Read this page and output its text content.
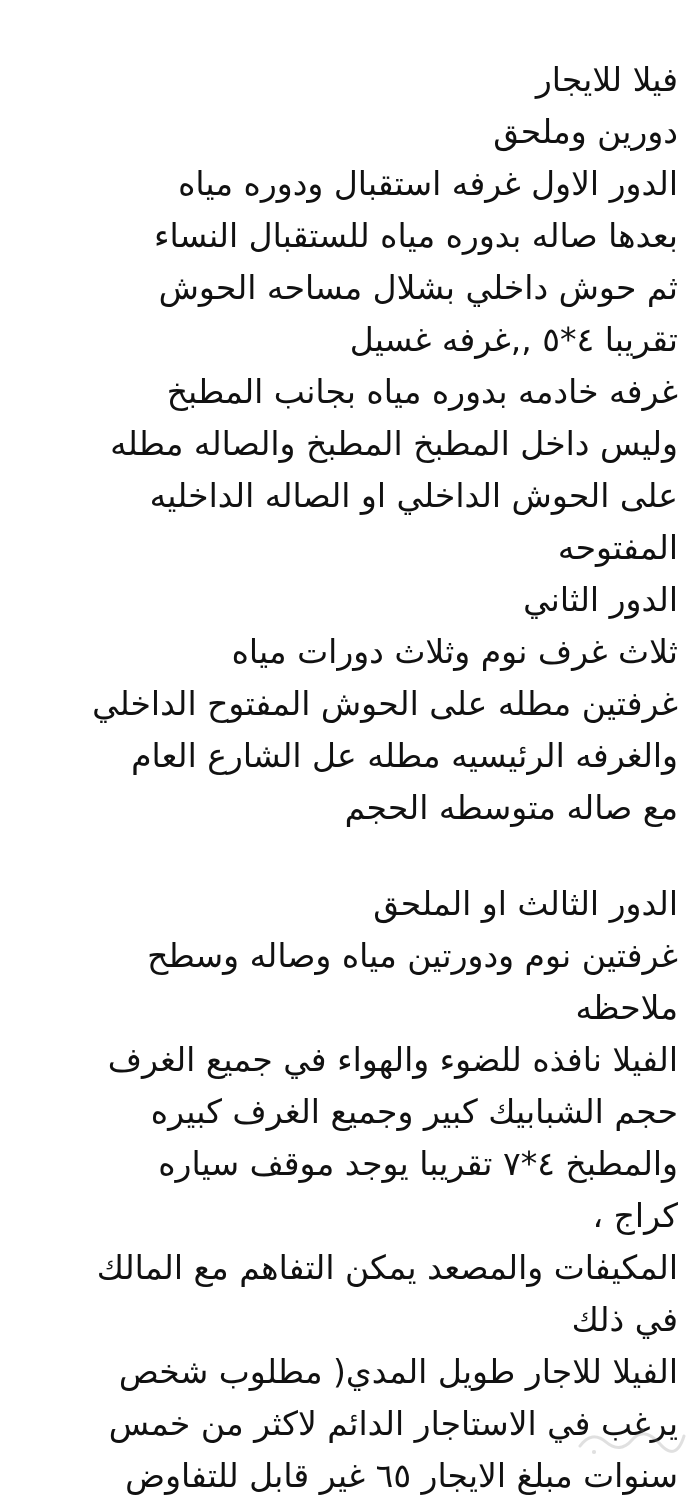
فيلا للايجار
دورين وملحق
الدور الاول غرفه استقبال ودوره مياه
بعدها صاله بدوره مياه للستقبال النساء
ثم حوش داخلي بشلال مساحه الحوش
تقريبا ٤*٥ ,,غرفه غسيل
غرفه خادمه بدوره مياه بجانب المطبخ
وليس داخل المطبخ المطبخ والصاله مطله
على الحوش الداخلي او الصاله الداخليه
المفتوحه
الدور الثاني
ثلاث غرف نوم وثلاث دورات مياه
غرفتين مطله على الحوش المفتوح الداخلي
والغرفه الرئيسيه مطله عل الشارع العام
مع صاله متوسطه الحجم
الدور الثالث او الملحق
غرفتين نوم ودورتين مياه وصاله وسطح
ملاحظه
الفيلا نافذه للضوء والهواء في جميع الغرف
حجم الشبابيك كبير وجميع الغرف كبيره
والمطبخ ٤*٧ تقريبا يوجد موقف سياره
كراج ،
المكيفات والمصعد يمكن التفاهم مع المالك
في ذلك
الفيلا للاجار طويل المدي( مطلوب شخص
يرغب في الاستاجار الدائم لاكثر من خمس
سنوات مبلغ الايجار ٦٥ غير قابل للتفاوض
